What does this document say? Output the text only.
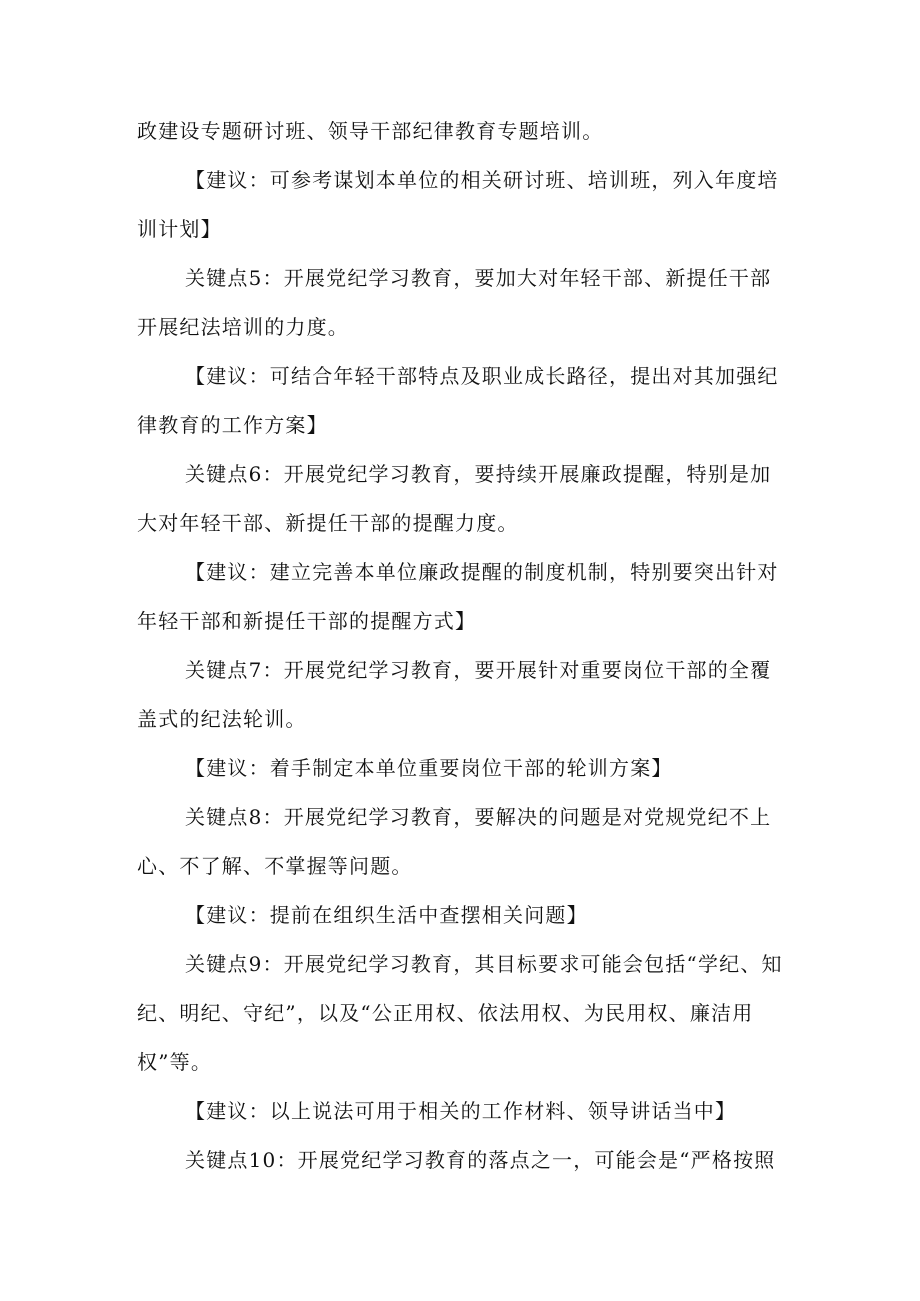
政建设专题研讨班、领导干部纪律教育专题培训。

【建议：可参考谋划本单位的相关研讨班、培训班，列入年度培训计划】

关键点5：开展党纪学习教育，要加大对年轻干部、新提任干部开展纪法培训的力度。

【建议：可结合年轻干部特点及职业成长路径，提出对其加强纪律教育的工作方案】

关键点6：开展党纪学习教育，要持续开展廉政提醒，特别是加大对年轻干部、新提任干部的提醒力度。

【建议：建立完善本单位廉政提醒的制度机制，特别要突出针对年轻干部和新提任干部的提醒方式】

关键点7：开展党纪学习教育，要开展针对重要岗位干部的全覆盖式的纪法轮训。

【建议：着手制定本单位重要岗位干部的轮训方案】

关键点8：开展党纪学习教育，要解决的问题是对党规党纪不上心、不了解、不掌握等问题。

【建议：提前在组织生活中查摆相关问题】

关键点9：开展党纪学习教育，其目标要求可能会包括“学纪、知纪、明纪、守纪”，以及“公正用权、依法用权、为民用权、廉洁用权”等。

【建议：以上说法可用于相关的工作材料、领导讲话当中】

关键点10：开展党纪学习教育的落点之一，可能会是“严格按照
